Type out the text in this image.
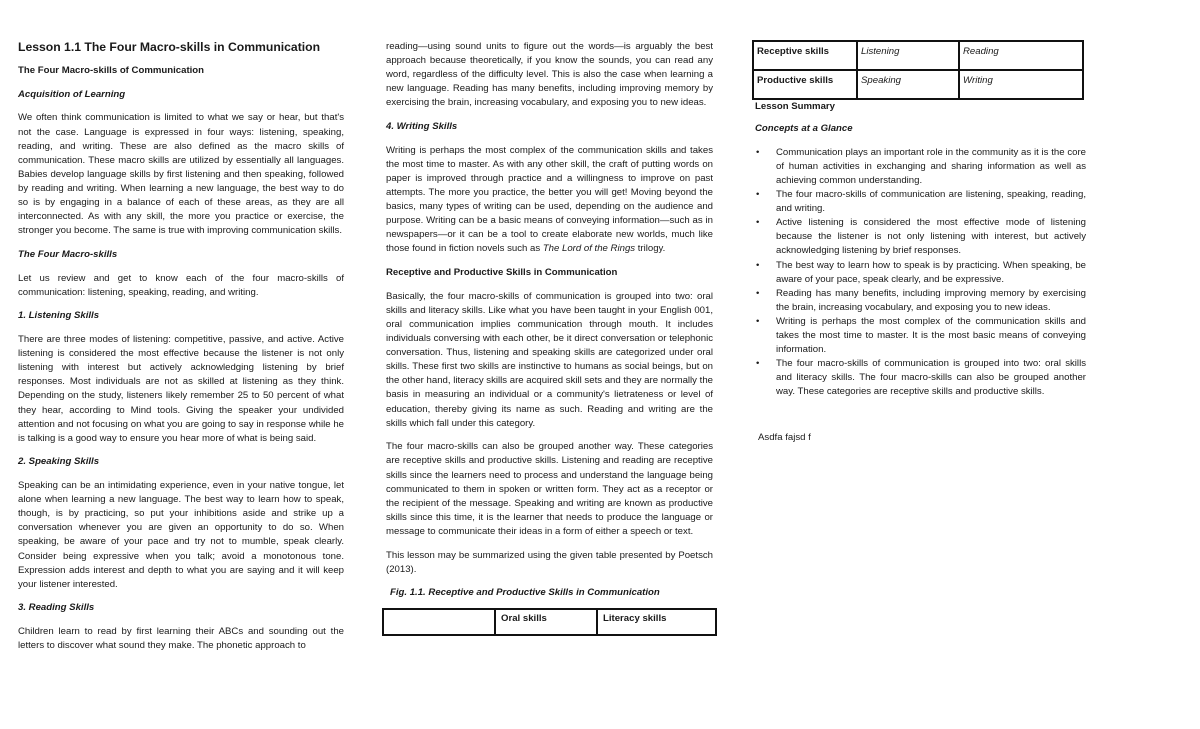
Lesson 1.1 The Four Macro-skills in Communication
The Four Macro-skills of Communication
Acquisition of Learning

We often think communication is limited to what we say or hear, but that's not the case. Language is expressed in four ways: listening, speaking, reading, and writing. These are also defined as the macro skills of communication. These macro skills are utilized by essentially all languages. Babies develop language skills by first listening and then speaking, followed by reading and writing. When learning a new language, the best way to do so is by engaging in a balance of each of these areas, as they are all interconnected. As with any skill, the more you practice or exercise, the stronger you become. The same is true with improving communication skills.

The Four Macro-skills

Let us review and get to know each of the four macro-skills of communication: listening, speaking, reading, and writing.

1. Listening Skills

There are three modes of listening: competitive, passive, and active. Active listening is considered the most effective because the listener is not only listening with interest but actively acknowledging listening by brief responses. Most individuals are not as skilled at listening as they think. Depending on the study, listeners likely remember 25 to 50 percent of what they hear, according to Mind tools. Giving the speaker your undivided attention and not focusing on what you are going to say in response while he is talking is a good way to ensure you hear more of what is being said.

2. Speaking Skills

Speaking can be an intimidating experience, even in your native tongue, let alone when learning a new language. The best way to learn how to speak, though, is by practicing, so put your inhibitions aside and strike up a conversation whenever you are given an opportunity to do so. When speaking, be aware of your pace and try not to mumble, speak clearly. Consider being expressive when you talk; avoid a monotonous tone. Expression adds interest and depth to what you are saying and it will keep your listener interested.

3. Reading Skills

Children learn to read by first learning their ABCs and sounding out the letters to discover what sound they make. The phonetic approach to

reading—using sound units to figure out the words—is arguably the best approach because theoretically, if you know the sounds, you can read any word, regardless of the difficulty level. This is also the case when learning a new language. Reading has many benefits, including improving memory by exercising the brain, increasing vocabulary, and exposing you to new ideas.

4. Writing Skills

Writing is perhaps the most complex of the communication skills and takes the most time to master. As with any other skill, the craft of putting words on paper is improved through practice and a willingness to improve on past attempts. The more you practice, the better you will get! Moving beyond the basics, many types of writing can be used, depending on the audience and purpose. Writing can be a basic means of conveying information—such as in newspapers—or it can be a tool to create elaborate new worlds, much like those found in fiction novels such as The Lord of the Rings trilogy.

Receptive and Productive Skills in Communication

Basically, the four macro-skills of communication is grouped into two: oral skills and literacy skills. Like what you have been taught in your English 001, oral communication implies communication through mouth. It includes individuals conversing with each other, be it direct conversation or telephonic conversation. Thus, listening and speaking skills are categorized under oral skills. These first two skills are instinctive to humans as social beings, but on the other hand, literacy skills are acquired skill sets and they are normally the basis in measuring an individual or a community's lietrateness or level of education, thereby giving its name as such. Reading and writing are the skills which fall under this category.

The four macro-skills can also be grouped another way. These categories are receptive skills and productive skills. Listening and reading are receptive skills since the learners need to process and understand the language being communicated to them in spoken or written form. They act as a receptor or the recipient of the message. Speaking and writing are known as productive skills since this time, it is the learner that needs to produce the language or message to communicate their ideas in a form of either a speech or text.

This lesson may be summarized using the given table presented by Poetsch (2013).

Fig. 1.1. Receptive and Productive Skills in Communication
	Oral skills	Literacy skills
Receptive skills	Listening	Reading
Productive skills	Speaking	Writing
Lesson Summary
Concepts at a Glance
• Communication plays an important role in the community as it is the core of human activities in exchanging and sharing information as well as achieving common understanding.
• The four macro-skills of communication are listening, speaking, reading, and writing.
• Active listening is considered the most effective mode of listening because the listener is not only listening with interest, but actively acknowledging listening by brief responses.
• The best way to learn how to speak is by practicing. When speaking, be aware of your pace, speak clearly, and be expressive.
• Reading has many benefits, including improving memory by exercising the brain, increasing vocabulary, and exposing you to new ideas.
• Writing is perhaps the most complex of the communication skills and takes the most time to master. It is the most basic means of conveying information.
• The four macro-skills of communication is grouped into two: oral skills and literacy skills. The four macro-skills can also be grouped another way. These categories are receptive skills and productive skills.
Asdfa fajsd f
